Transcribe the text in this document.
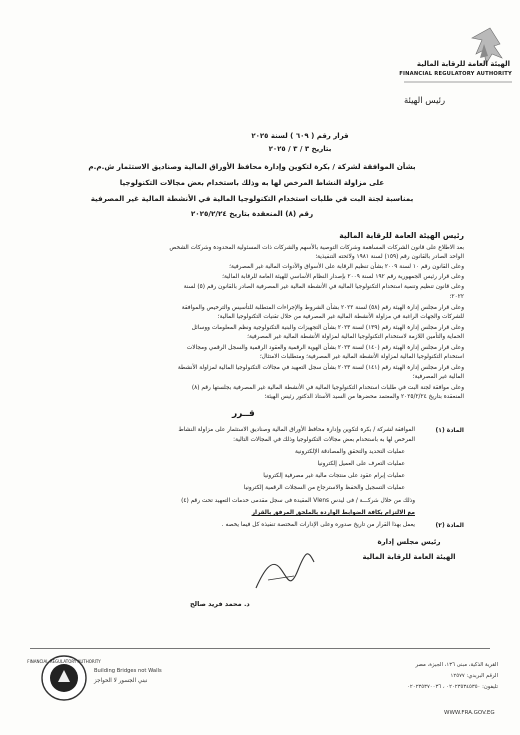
الهيئة العامة للرقابة المالية
FINANCIAL REGULATORY AUTHORITY
رئيس الهيئة
قرار رقم ( ٦٠٩ ) لسنة ٢٠٢٥
بتاريخ ٣ / ٣ / ٢٠٢٥
بشأن الموافقة لشركة / بكرة لتكوين وإدارة محافظ الأوراق المالية وصناديق الاستثمار ش.م.م
على مزاولة النشاط المرخص لها به وذلك باستخدام بعض مجالات التكنولوجيا
بمناسبة لجنة البت في طلبات استخدام التكنولوجيا المالية في الأنشطة المالية غير المصرفية
رقم (٨) المنعقدة بتاريخ ٢٠٢٥/٢/٢٤
رئيس الهيئة العامة للرقابة المالية
بعد الاطلاع على قانون الشركات المساهمة وشركات التوصية بالأسهم والشركات ذات المسئولية المحدودة وشركات الشخص
الواحد الصادر بالقانون رقم (١٥٩) لسنة ١٩٨١ ولائحته التنفيذية؛
وعلى القانون رقم ١٠ لسنة ٢٠٠٩ بشأن تنظيم الرقابة على الأسواق والأدوات المالية غير المصرفية؛
وعلى قرار رئيس الجمهورية رقم ١٩٢ لسنة ٢٠٠٩ بإصدار النظام الأساسي للهيئة العامة للرقابة المالية؛
وعلى قانون تنظيم وتنمية استخدام التكنولوجيا المالية في الأنشطة المالية غير المصرفية الصادر بالقانون رقم (٥) لسنة
٢٠٢٢؛
وعلى قرار مجلس إدارة الهيئة رقم (٥٨) لسنة ٢٠٢٢ بشأن الشروط والإجراءات المتطلبة للتأسيس والترخيص والموافقة
للشركات والجهات الراغبة في مزاولة الأنشطة المالية غير المصرفية من خلال تقنيات التكنولوجيا المالية؛
وعلى قرار مجلس إدارة الهيئة رقم (١٣٩) لسنة ٢٠٢٣ بشأن التجهيزات والبنية التكنولوجية ونظم المعلومات ووسائل
الحماية والتأمين اللازمة لاستخدام التكنولوجيا المالية لمزاولة الأنشطة المالية غير المصرفية؛
وعلى قرار مجلس إدارة الهيئة رقم (١٤٠) لسنة ٢٠٢٣ بشأن الهوية الرقمية والعقود الرقمية والسجل الرقمي ومجالات
استخدام التكنولوجيا المالية لمزاولة الأنشطة المالية غير المصرفية؛ ومتطلبات الامتثال؛
وعلى قرار مجلس إدارة الهيئة رقم (١٤١) لسنة ٢٠٢٣ بشأن سجل التعهيد في مجالات التكنولوجيا المالية لمزاولة الأنشطة
المالية غير المصرفية؛
وعلى موافقة لجنة البت في طلبات استخدام التكنولوجيا المالية في الأنشطة المالية غير المصرفية بجلستها رقم (٨)
المنعقدة بتاريخ ٢٠٢٥/٢/٢٤ والمعتمد محضرها من السيد الأستاذ الدكتور رئيس الهيئة؛
قــرر
المادة (١)
الموافقة لشركة / بكرة لتكوين وإدارة محافظ الأوراق المالية وصناديق الاستثمار على مزاولة النشاط
المرخص لها به باستخدام بعض مجالات التكنولوجيا وذلك في المجالات التالية:
عمليات التحديد والتحقق والمصادقة الإلكترونية
عمليات التعرف على العميل إلكترونيا
عمليات إبرام عقود على منتجات مالية غير مصرفية إلكترونيا
عمليات التسجيل والحفظ والاسترجاع من السجلات الرقمية إلكترونيا
وذلك من خلال شركـــة / فى ليدس Vlens المقيدة فى سجل مقدمى خدمات التعهيد تحت رقم (٤)
مع الالتزام بكافة الضوابط الواردة بالملحق المرفق بالقرار
المادة (٢)
يعمل بهذا القرار من تاريخ صدوره وعلى الإدارات المختصة تنفيذه كل فيما يخصه .
رئيس مجلس إدارة
الهيئة العامة للرقابة المالية
د. محمد فريد صالح
FINANCIAL REGULATORY AUTHORITY
Building Bridges not Walls
نبني الجسور لا الحواجز
القرية الذكية، مبنى ١٣٦، الجيزة، مصر
الرقم البريدي: ١٢٥٧٧
تليفون: ٠٢٠٢٣٥٣٤٥٣٥٠ ، ٠٢٠٢٣٥٣٧٠٠٣٦
WWW.FRA.GOV.EG
